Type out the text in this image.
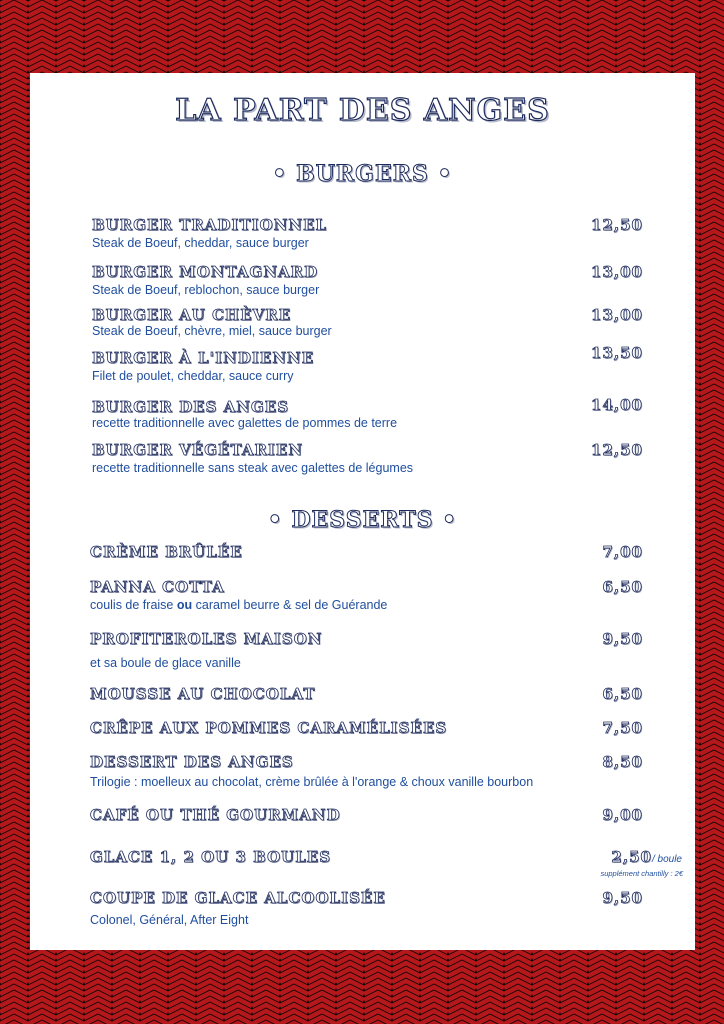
LA PART DES ANGES
• BURGERS •
BURGER TRADITIONNEL	12,50
Steak de Boeuf, cheddar, sauce burger
BURGER MONTAGNARD	13,00
Steak de Boeuf, reblochon, sauce burger
BURGER AU CHÈVRE	13,00
Steak de Boeuf, chèvre, miel, sauce burger
BURGER À L'INDIENNE	13,50
Filet de poulet, cheddar, sauce curry
BURGER DES ANGES	14,00
recette traditionnelle avec galettes de pommes de terre
BURGER VÉGÉTARIEN	12,50
recette traditionnelle sans steak avec galettes de légumes
• DESSERTS •
CRÈME BRÛLÉE	7,00
PANNA COTTA	6,50
coulis de fraise ou caramel beurre & sel de Guérande
PROFITEROLES MAISON	9,50
et sa boule de glace vanille
MOUSSE AU CHOCOLAT	6,50
CRÊPE AUX POMMES CARAMÉLISÉES	7,50
DESSERT DES ANGES	8,50
Trilogie : moelleux au chocolat, crème brûlée à l'orange & choux vanille bourbon
CAFÉ OU THÉ GOURMAND	9,00
GLACE 1, 2 OU 3 BOULES	2,50/ boule
supplément chantilly : 2€
COUPE DE GLACE ALCOOLISÉE	9,50
Colonel, Général, After Eight
